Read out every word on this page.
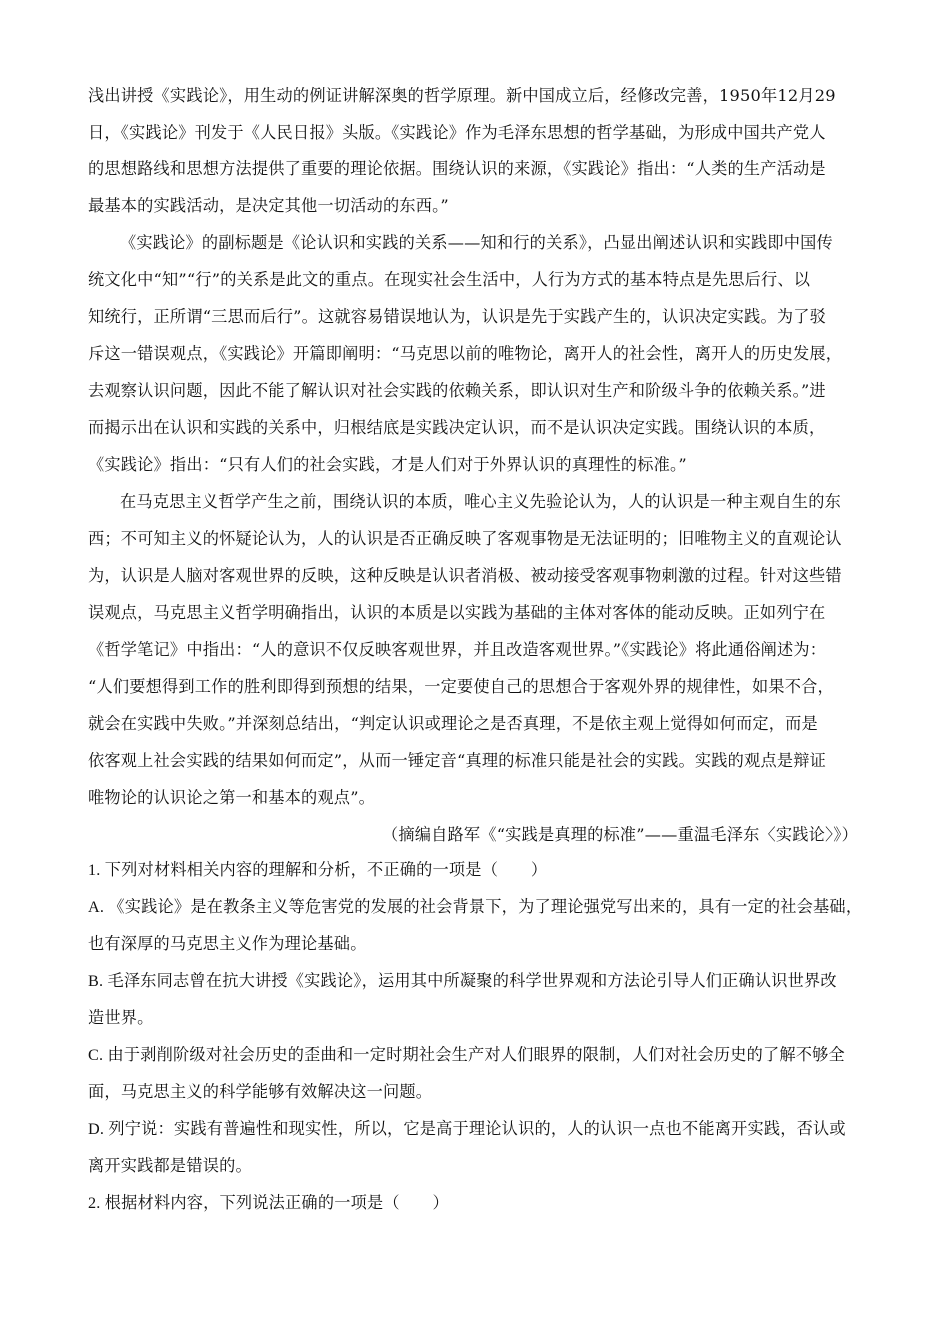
浅出讲授《实践论》，用生动的例证讲解深奥的哲学原理。新中国成立后，经修改完善，1950年12月29
日，《实践论》刊发于《人民日报》头版。《实践论》作为毛泽东思想的哲学基础，为形成中国共产党人
的思想路线和思想方法提供了重要的理论依据。围绕认识的来源，《实践论》指出：“人类的生产活动是
最基本的实践活动，是决定其他一切活动的东西。”
《实践论》的副标题是《论认识和实践的关系——知和行的关系》，凸显出阐述认识和实践即中国传
统文化中“知”“行”的关系是此文的重点。在现实社会生活中，人行为方式的基本特点是先思后行、以
知统行，正所谓“三思而后行”。这就容易错误地认为，认识是先于实践产生的，认识决定实践。为了驳
斥这一错误观点，《实践论》开篇即阐明：“马克思以前的唯物论，离开人的社会性，离开人的历史发展，
去观察认识问题，因此不能了解认识对社会实践的依赖关系，即认识对生产和阶级斗争的依赖关系。”进
而揭示出在认识和实践的关系中，归根结底是实践决定认识，而不是认识决定实践。围绕认识的本质，
《实践论》指出：“只有人们的社会实践，才是人们对于外界认识的真理性的标准。”
在马克思主义哲学产生之前，围绕认识的本质，唯心主义先验论认为，人的认识是一种主观自生的东
西；不可知主义的怀疑论认为，人的认识是否正确反映了客观事物是无法证明的；旧唯物主义的直观论认
为，认识是人脑对客观世界的反映，这种反映是认识者消极、被动接受客观事物刺激的过程。针对这些错
误观点，马克思主义哲学明确指出，认识的本质是以实践为基础的主体对客体的能动反映。正如列宁在
《哲学笔记》中指出：“人的意识不仅反映客观世界，并且改造客观世界。”《实践论》将此通俗阐述为：
“人们要想得到工作的胜利即得到预想的结果，一定要使自己的思想合于客观外界的规律性，如果不合，
就会在实践中失败。”并深刻总结出，“判定认识或理论之是否真理，不是依主观上觉得如何而定，而是
依客观上社会实践的结果如何而定”，从而一锤定音“真理的标准只能是社会的实践。实践的观点是辩证
唯物论的认识论之第一和基本的观点”。
（摘编自路军《“实践是真理的标准”——重温毛泽东〈实践论〉》）
1. 下列对材料相关内容的理解和分析，不正确的一项是（　　）
A. 《实践论》是在教条主义等危害党的发展的社会背景下，为了理论强党写出来的，具有一定的社会基础，
也有深厚的马克思主义作为理论基础。
B. 毛泽东同志曾在抗大讲授《实践论》，运用其中所凝聚的科学世界观和方法论引导人们正确认识世界改
造世界。
C. 由于剥削阶级对社会历史的歪曲和一定时期社会生产对人们眼界的限制，人们对社会历史的了解不够全
面，马克思主义的科学能够有效解决这一问题。
D. 列宁说：实践有普遍性和现实性，所以，它是高于理论认识的，人的认识一点也不能离开实践，否认或
离开实践都是错误的。
2. 根据材料内容，下列说法正确的一项是（　　）
